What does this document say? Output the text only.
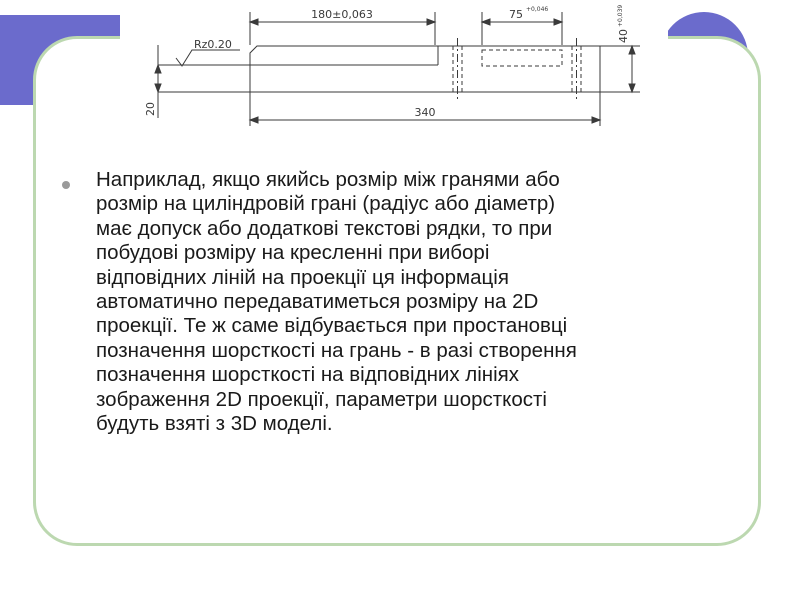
180±0,063	75 +0,046
40
+0,039
Rz0.20
20	340

Наприклад, якщо якийсь розмір між гранями або
розмір на циліндровій грані (радіус або діаметр)
має допуск або додаткові текстові рядки, то при
побудові розміру на кресленні при виборі
відповідних ліній на проекції ця інформація
автоматично передаватиметься розміру на 2D
проекції. Те ж саме відбувається при простановці
позначення шорсткості на грань - в разі створення
позначення шорсткості на відповідних лініях
зображення 2D проекції, параметри шорсткості
будуть взяті з 3D моделі.
